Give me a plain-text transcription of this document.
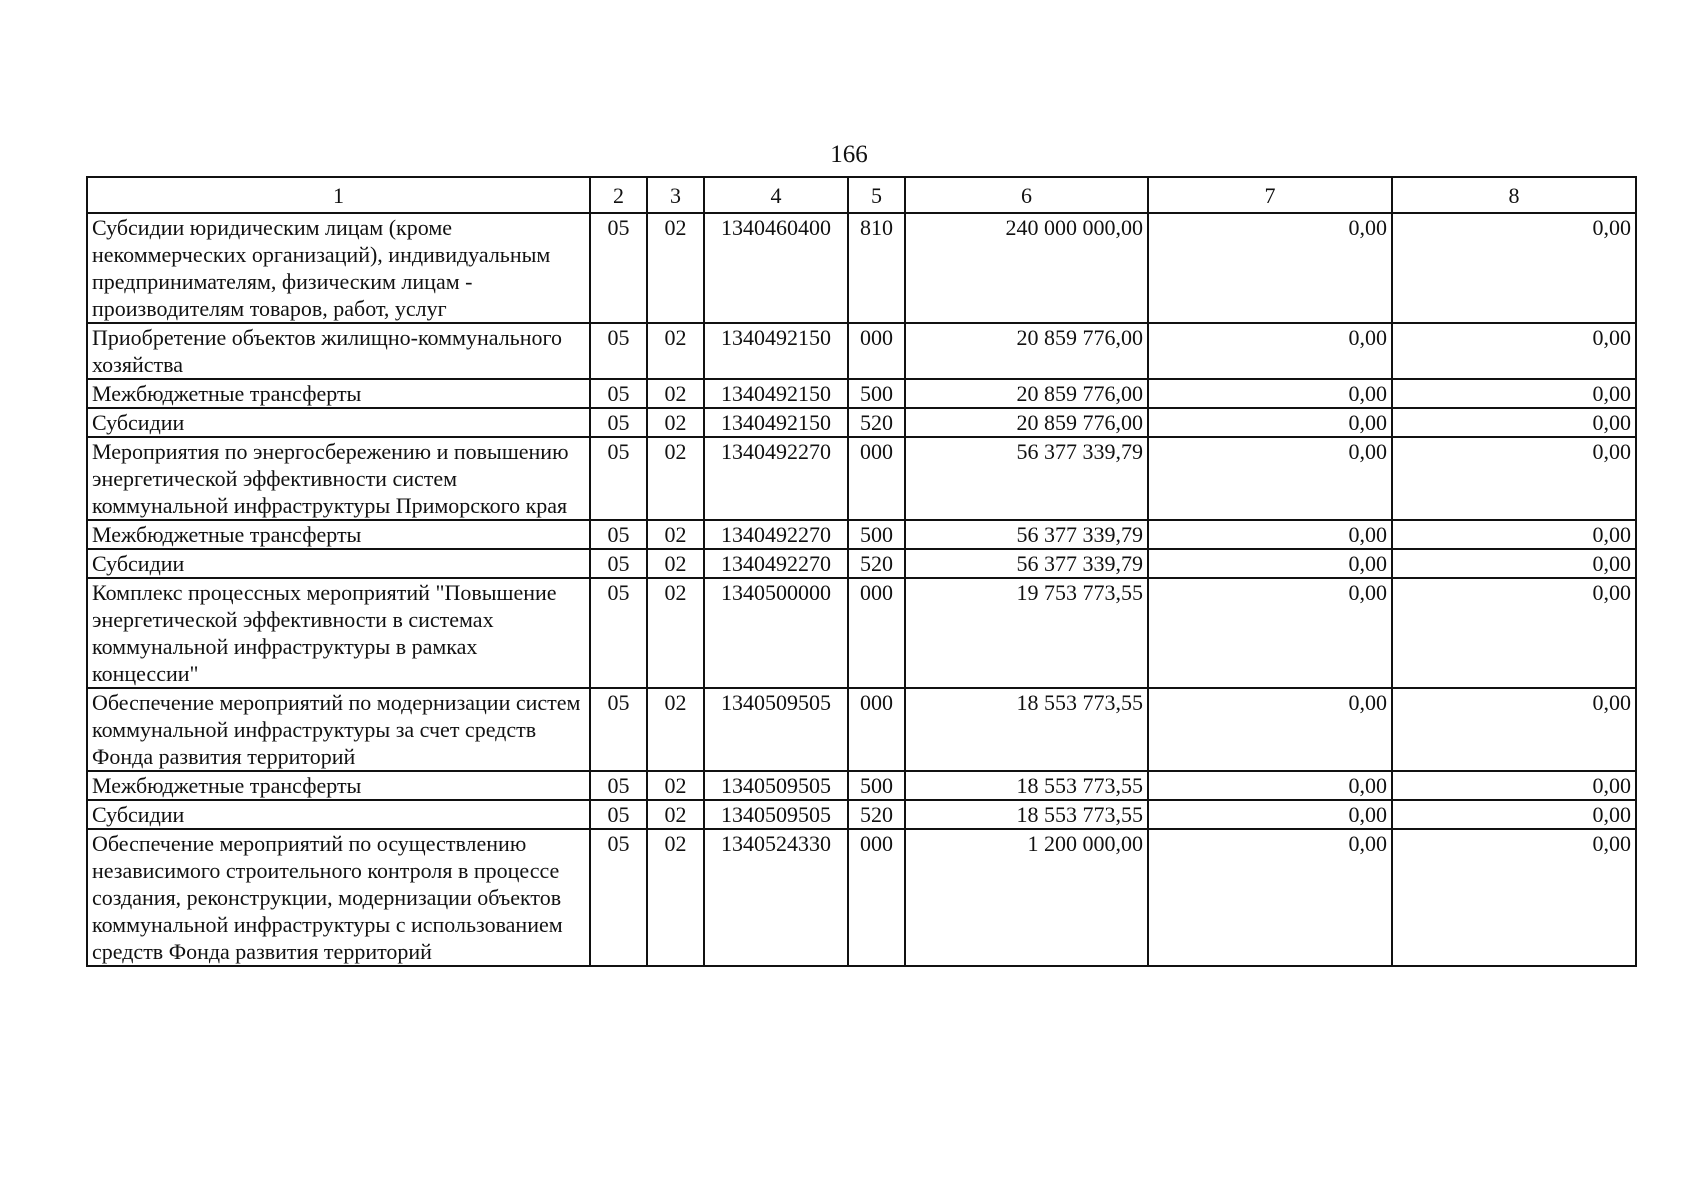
166
1	2	3	4	5	6	7	8
Субсидии юридическим лицам (кроме некоммерческих организаций), индивидуальным предпринимателям, физическим лицам - производителям товаров, работ, услуг	05	02	1340460400	810	240 000 000,00	0,00	0,00
Приобретение объектов жилищно-коммунального хозяйства	05	02	1340492150	000	20 859 776,00	0,00	0,00
Межбюджетные трансферты	05	02	1340492150	500	20 859 776,00	0,00	0,00
Субсидии	05	02	1340492150	520	20 859 776,00	0,00	0,00
Мероприятия по энергосбережению и повышению энергетической эффективности систем коммунальной инфраструктуры Приморского края	05	02	1340492270	000	56 377 339,79	0,00	0,00
Межбюджетные трансферты	05	02	1340492270	500	56 377 339,79	0,00	0,00
Субсидии	05	02	1340492270	520	56 377 339,79	0,00	0,00
Комплекс процессных мероприятий "Повышение энергетической эффективности в системах коммунальной инфраструктуры в рамках концессии"	05	02	1340500000	000	19 753 773,55	0,00	0,00
Обеспечение мероприятий по модернизации систем коммунальной инфраструктуры за счет средств Фонда развития территорий	05	02	1340509505	000	18 553 773,55	0,00	0,00
Межбюджетные трансферты	05	02	1340509505	500	18 553 773,55	0,00	0,00
Субсидии	05	02	1340509505	520	18 553 773,55	0,00	0,00
Обеспечение мероприятий по осуществлению независимого строительного контроля в процессе создания, реконструкции, модернизации объектов коммунальной инфраструктуры с использованием средств Фонда развития территорий	05	02	1340524330	000	1 200 000,00	0,00	0,00
